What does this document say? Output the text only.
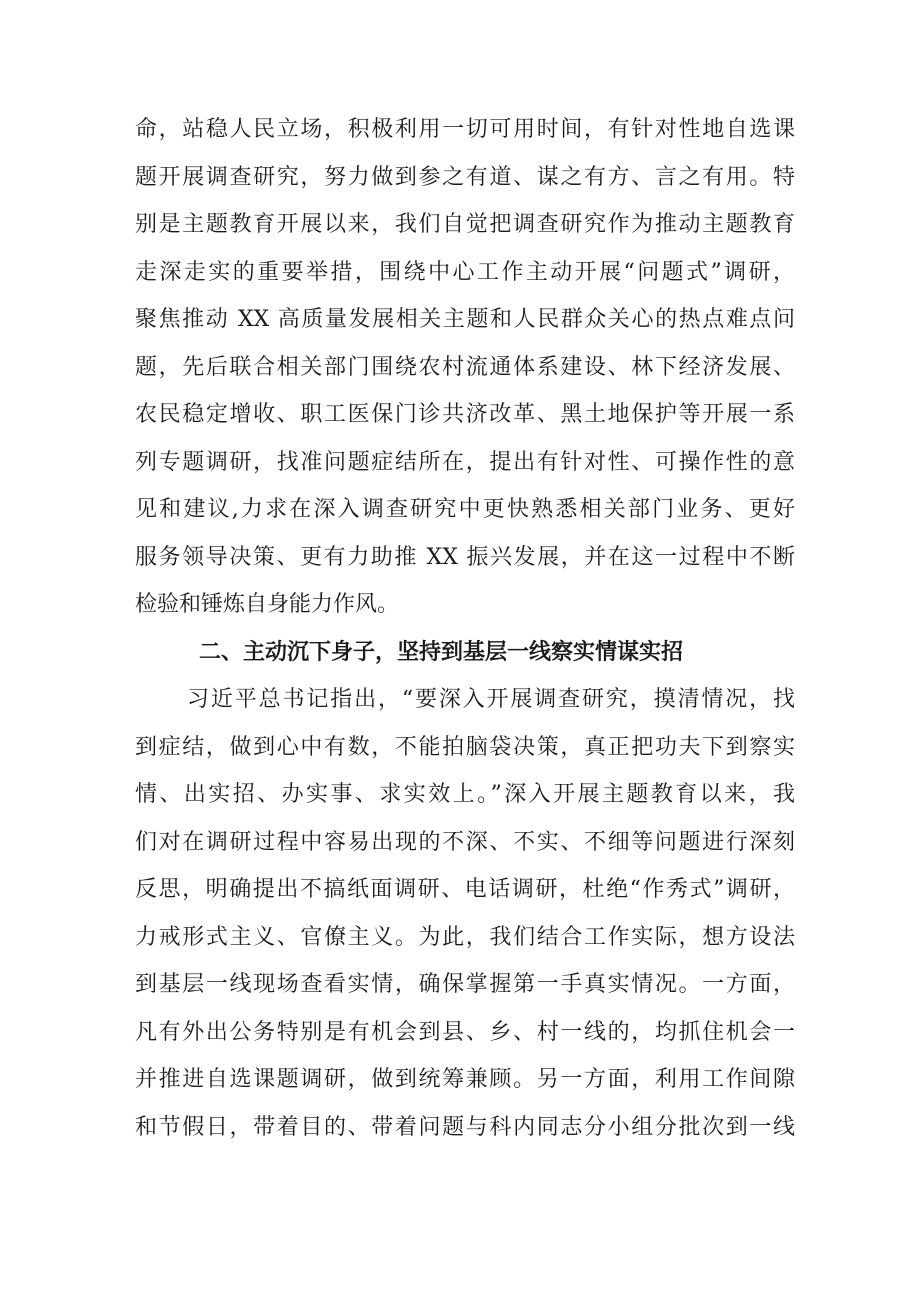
命，站稳人民立场，积极利用一切可用时间，有针对性地自选课
题开展调查研究，努力做到参之有道、谋之有方、言之有用。特
别是主题教育开展以来，我们自觉把调查研究作为推动主题教育
走深走实的重要举措，围绕中心工作主动开展“问题式”调研，
聚焦推动 XX 高质量发展相关主题和人民群众关心的热点难点问
题，先后联合相关部门围绕农村流通体系建设、林下经济发展、
农民稳定增收、职工医保门诊共济改革、黑土地保护等开展一系
列专题调研，找准问题症结所在，提出有针对性、可操作性的意
见和建议,力求在深入调查研究中更快熟悉相关部门业务、更好
服务领导决策、更有力助推 XX 振兴发展，并在这一过程中不断
检验和锤炼自身能力作风。
二、主动沉下身子，坚持到基层一线察实情谋实招
习近平总书记指出，“要深入开展调查研究，摸清情况，找
到症结，做到心中有数，不能拍脑袋决策，真正把功夫下到察实
情、出实招、办实事、求实效上。”深入开展主题教育以来，我
们对在调研过程中容易出现的不深、不实、不细等问题进行深刻
反思，明确提出不搞纸面调研、电话调研，杜绝“作秀式”调研，
力戒形式主义、官僚主义。为此，我们结合工作实际，想方设法
到基层一线现场查看实情，确保掌握第一手真实情况。一方面，
凡有外出公务特别是有机会到县、乡、村一线的，均抓住机会一
并推进自选课题调研，做到统筹兼顾。另一方面，利用工作间隙
和节假日，带着目的、带着问题与科内同志分小组分批次到一线
